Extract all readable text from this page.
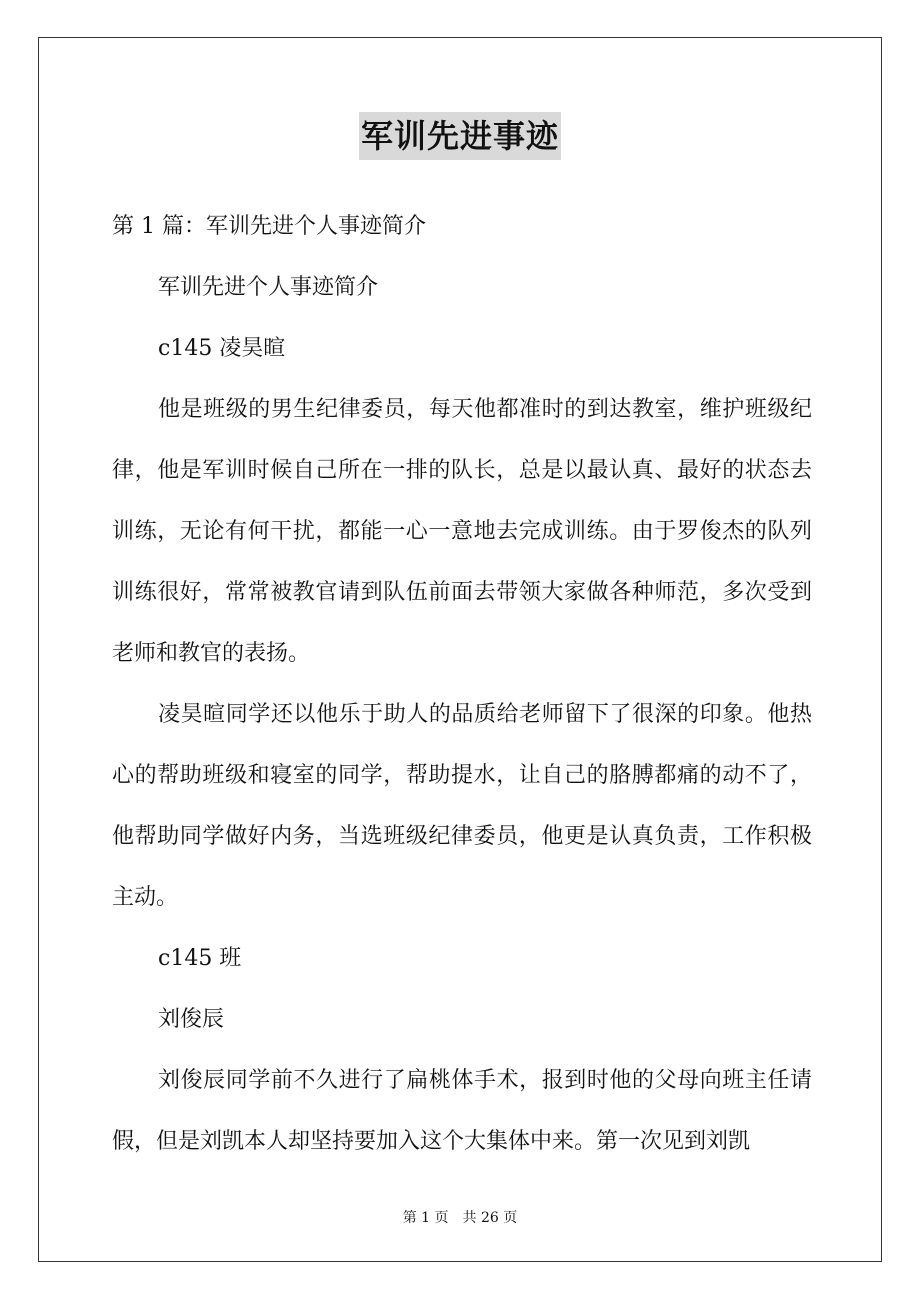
军训先进事迹

第 1 篇：军训先进个人事迹简介

军训先进个人事迹简介

c145 凌昊暄

他是班级的男生纪律委员，每天他都准时的到达教室，维护班级纪律，他是军训时候自己所在一排的队长，总是以最认真、最好的状态去训练，无论有何干扰，都能一心一意地去完成训练。由于罗俊杰的队列训练很好，常常被教官请到队伍前面去带领大家做各种师范，多次受到老师和教官的表扬。

凌昊暄同学还以他乐于助人的品质给老师留下了很深的印象。他热心的帮助班级和寝室的同学，帮助提水，让自己的胳膊都痛的动不了，他帮助同学做好内务，当选班级纪律委员，他更是认真负责，工作积极主动。

c145 班

刘俊辰

刘俊辰同学前不久进行了扁桃体手术，报到时他的父母向班主任请假，但是刘凯本人却坚持要加入这个大集体中来。第一次见到刘凯

第 1 页　共 26 页
